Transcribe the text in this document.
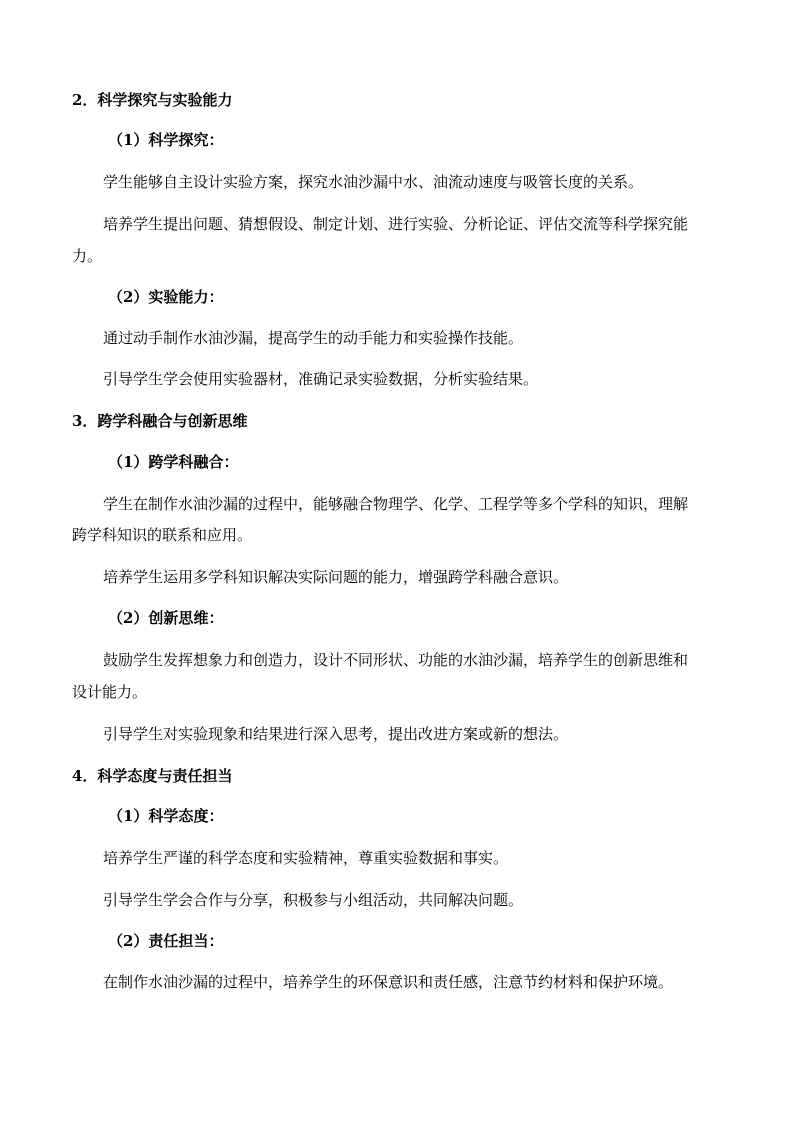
2．科学探究与实验能力
（1）科学探究：
学生能够自主设计实验方案，探究水油沙漏中水、油流动速度与吸管长度的关系。
培养学生提出问题、猜想假设、制定计划、进行实验、分析论证、评估交流等科学探究能
力。
（2）实验能力：
通过动手制作水油沙漏，提高学生的动手能力和实验操作技能。
引导学生学会使用实验器材，准确记录实验数据，分析实验结果。
3．跨学科融合与创新思维
（1）跨学科融合：
学生在制作水油沙漏的过程中，能够融合物理学、化学、工程学等多个学科的知识，理解
跨学科知识的联系和应用。
培养学生运用多学科知识解决实际问题的能力，增强跨学科融合意识。
（2）创新思维：
鼓励学生发挥想象力和创造力，设计不同形状、功能的水油沙漏，培养学生的创新思维和
设计能力。
引导学生对实验现象和结果进行深入思考，提出改进方案或新的想法。
4．科学态度与责任担当
（1）科学态度：
培养学生严谨的科学态度和实验精神，尊重实验数据和事实。
引导学生学会合作与分享，积极参与小组活动，共同解决问题。
（2）责任担当：
在制作水油沙漏的过程中，培养学生的环保意识和责任感，注意节约材料和保护环境。
